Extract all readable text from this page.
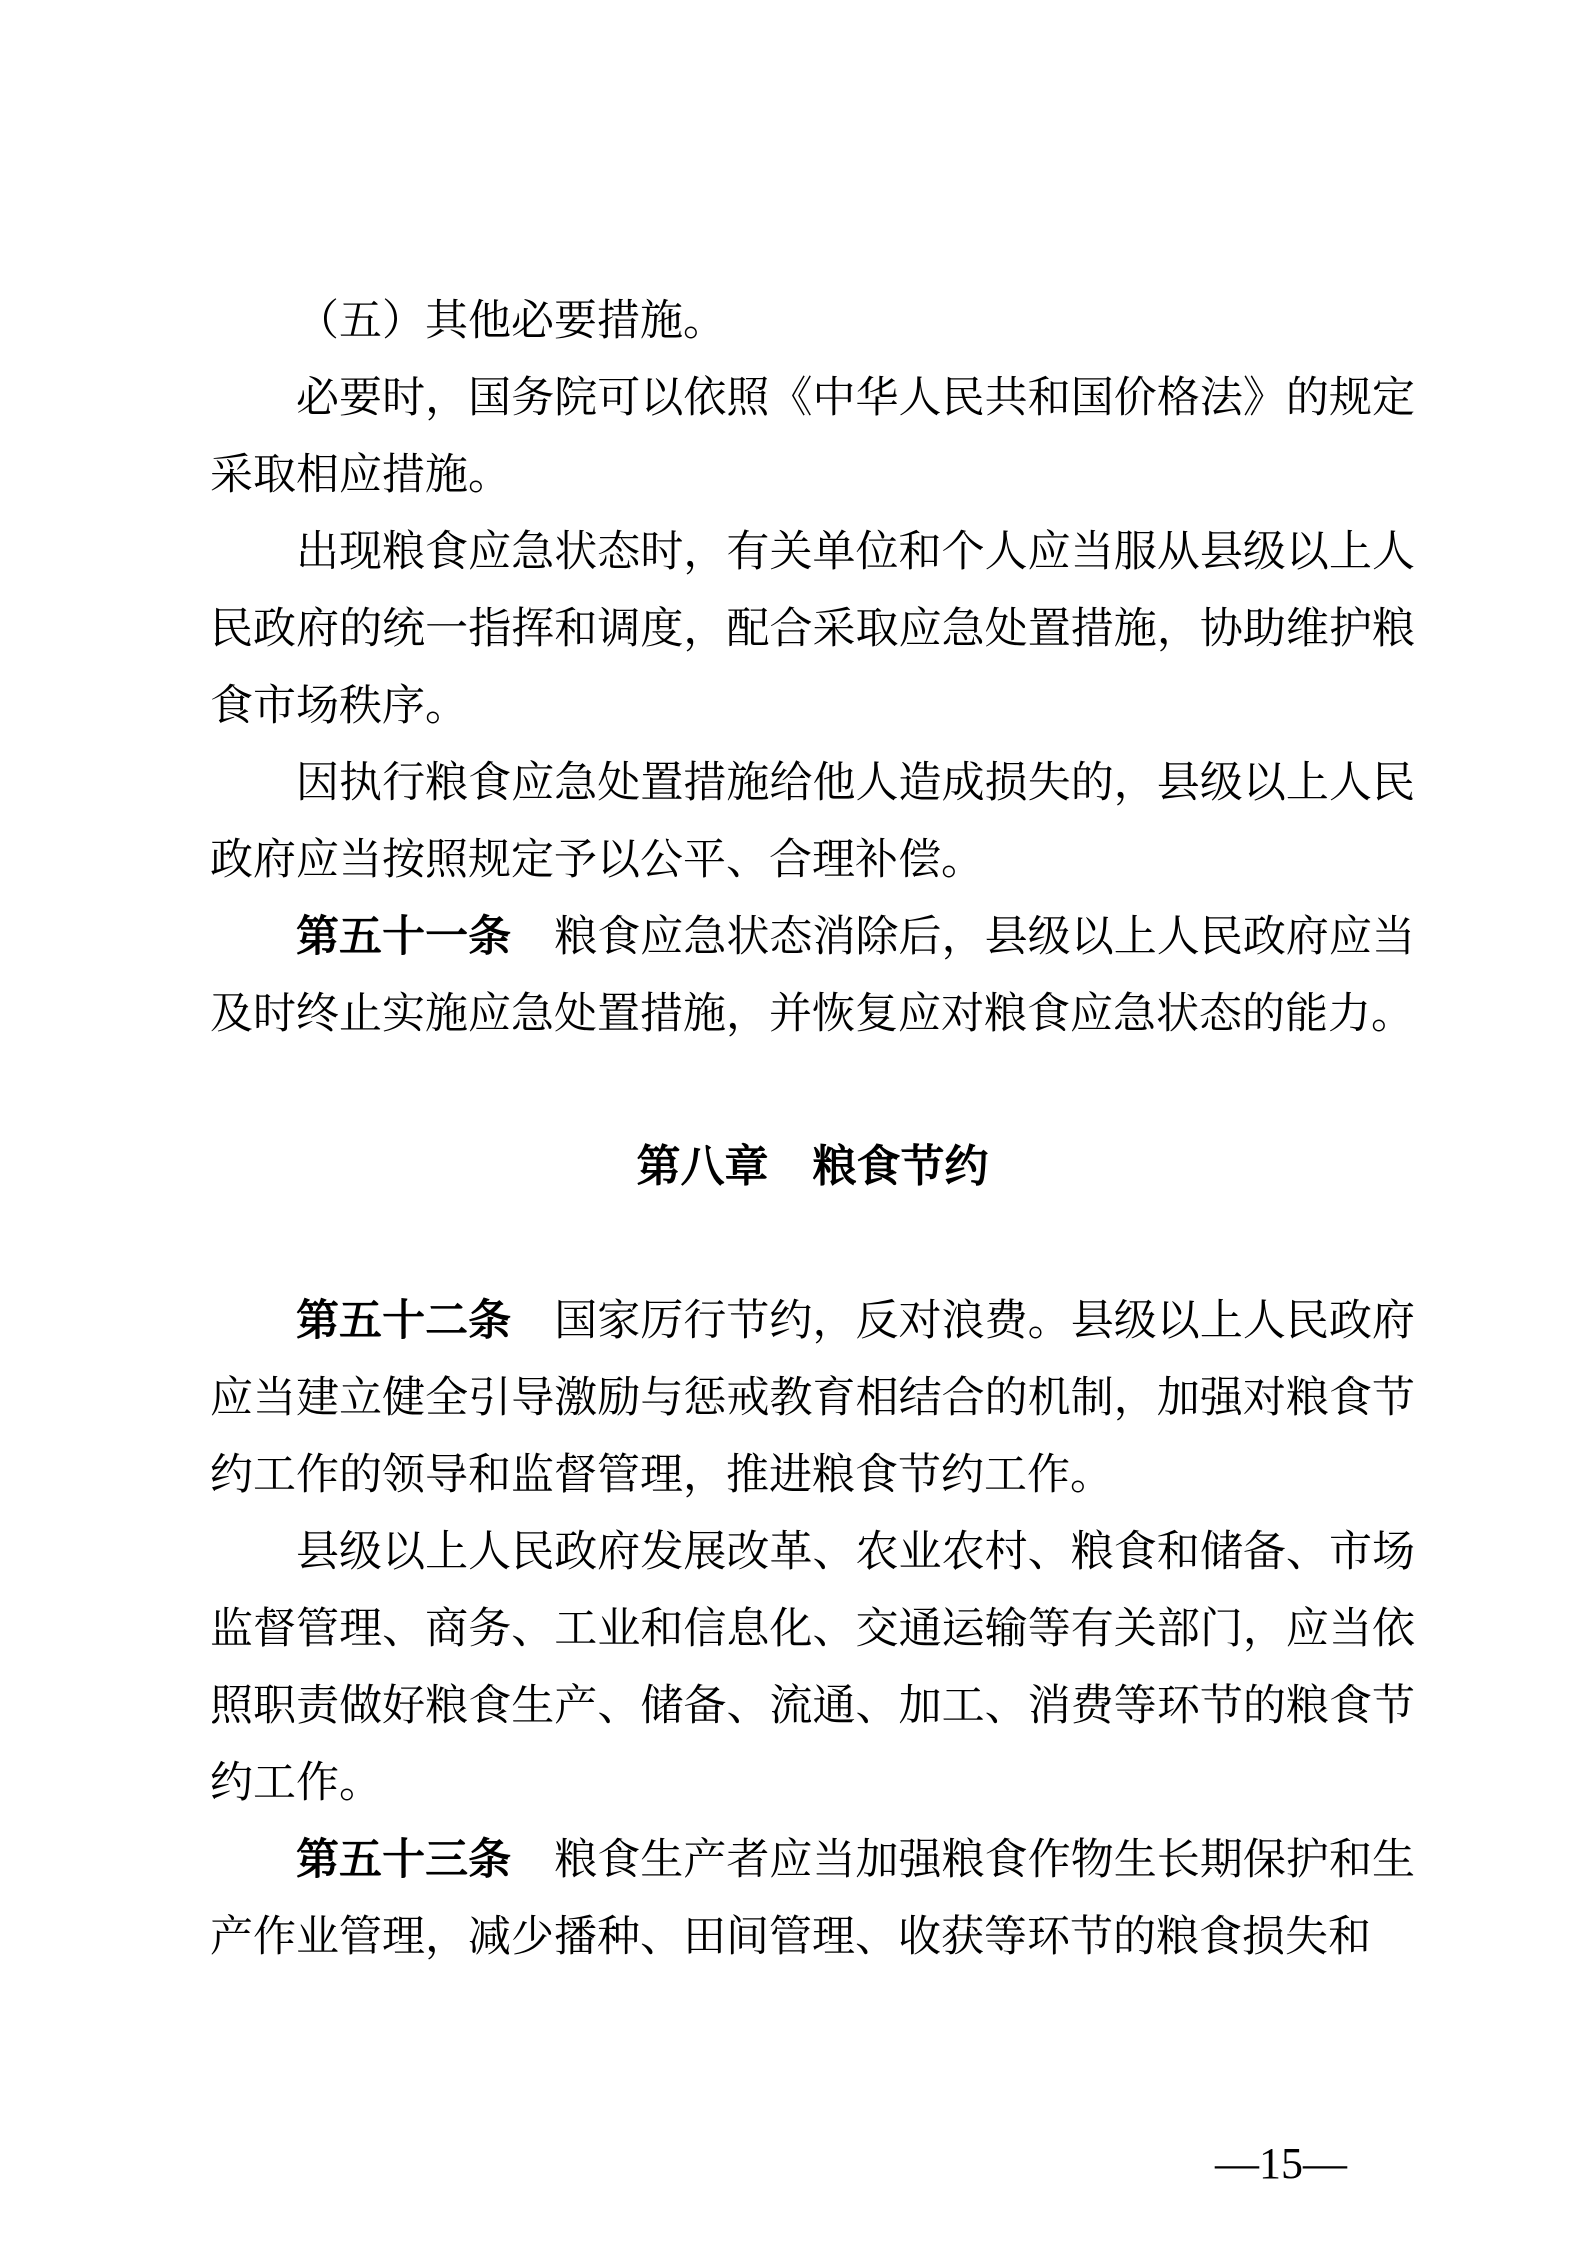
（五）其他必要措施。

必要时，国务院可以依照《中华人民共和国价格法》的规定采取相应措施。

出现粮食应急状态时，有关单位和个人应当服从县级以上人民政府的统一指挥和调度，配合采取应急处置措施，协助维护粮食市场秩序。

因执行粮食应急处置措施给他人造成损失的，县级以上人民政府应当按照规定予以公平、合理补偿。

第五十一条 粮食应急状态消除后，县级以上人民政府应当及时终止实施应急处置措施，并恢复应对粮食应急状态的能力。

第八章 粮食节约

第五十二条 国家厉行节约，反对浪费。县级以上人民政府应当建立健全引导激励与惩戒教育相结合的机制，加强对粮食节约工作的领导和监督管理，推进粮食节约工作。

县级以上人民政府发展改革、农业农村、粮食和储备、市场监督管理、商务、工业和信息化、交通运输等有关部门，应当依照职责做好粮食生产、储备、流通、加工、消费等环节的粮食节约工作。

第五十三条 粮食生产者应当加强粮食作物生长期保护和生产作业管理，减少播种、田间管理、收获等环节的粮食损失和

—15—
